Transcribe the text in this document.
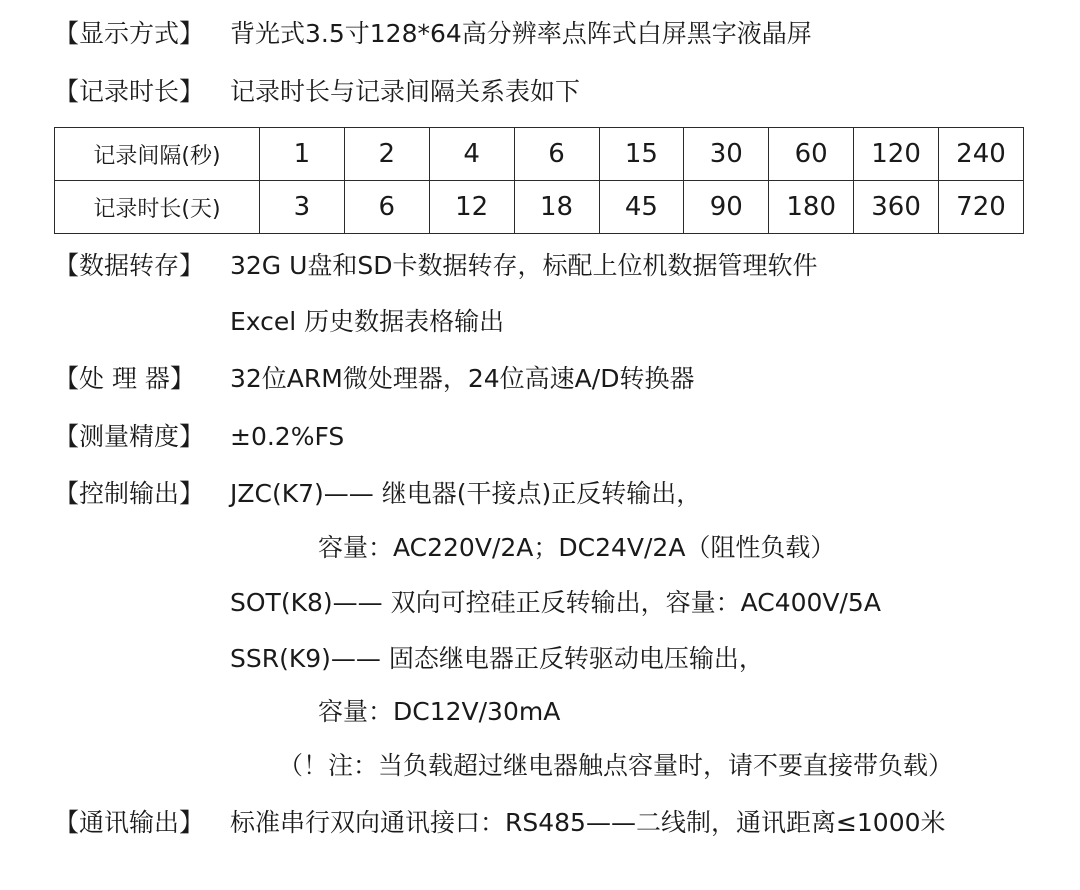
【显示方式】	背光式3.5寸128*64高分辨率点阵式白屏黑字液晶屏
【记录时长】	记录时长与记录间隔关系表如下
记录间隔(秒)	1	2	4	6	15	30	60	120	240
记录时长(天)	3	6	12	18	45	90	180	360	720
【数据转存】	32G U盘和SD卡数据转存，标配上位机数据管理软件
Excel 历史数据表格输出
【处 理 器】	32位ARM微处理器，24位高速A/D转换器
【测量精度】	±0.2%FS
【控制输出】	JZC(K7)—— 继电器(干接点)正反转输出，
容量：AC220V/2A；DC24V/2A（阻性负载）
SOT(K8)—— 双向可控硅正反转输出，容量：AC400V/5A
SSR(K9)—— 固态继电器正反转驱动电压输出，
容量：DC12V/30mA
（！注：当负载超过继电器触点容量时，请不要直接带负载）
【通讯输出】	标准串行双向通讯接口：RS485——二线制，通讯距离≤1000米
